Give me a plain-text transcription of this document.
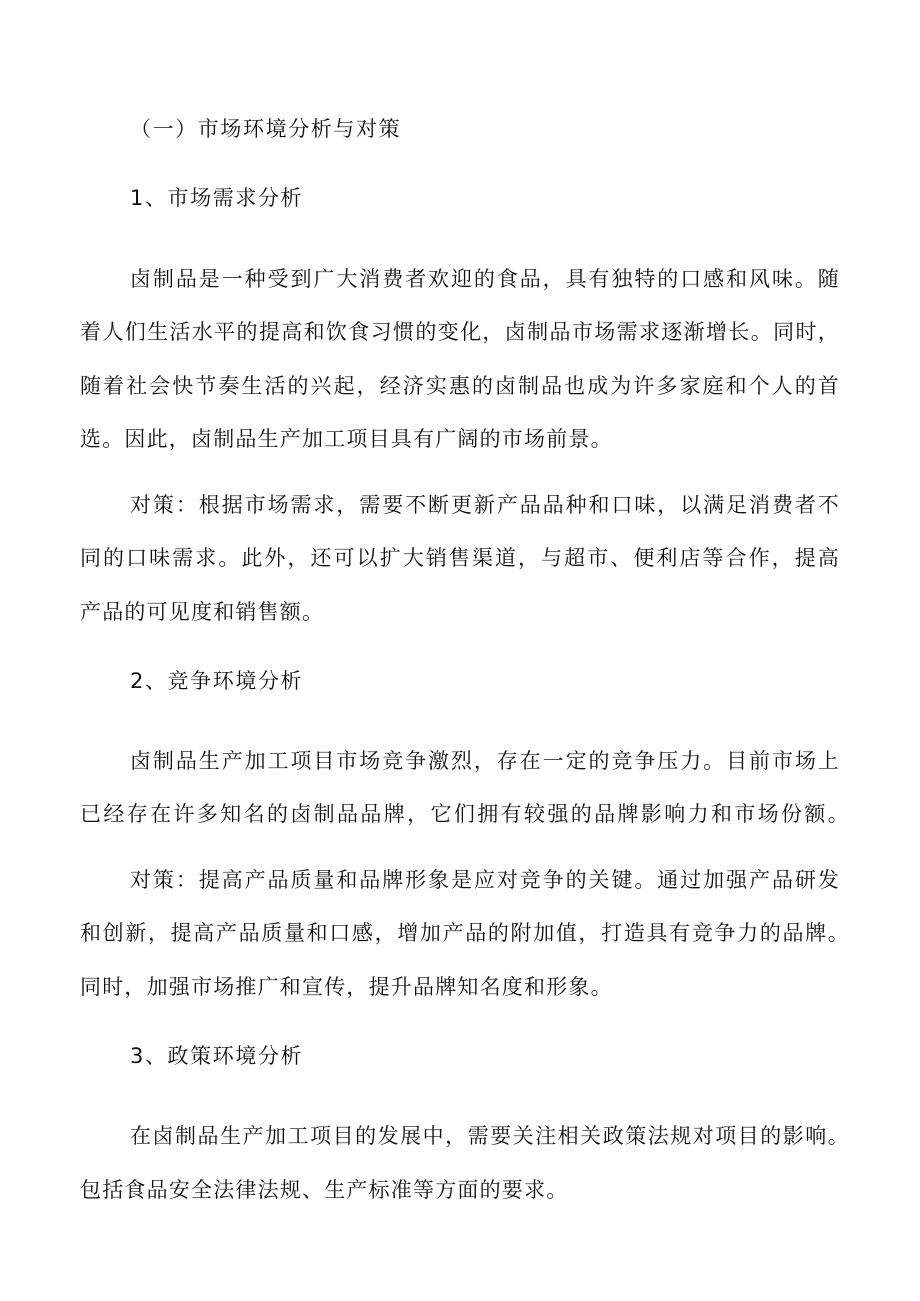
（一）市场环境分析与对策
1、市场需求分析
卤制品是一种受到广大消费者欢迎的食品，具有独特的口感和风味。随
着人们生活水平的提高和饮食习惯的变化，卤制品市场需求逐渐增长。同时，
随着社会快节奏生活的兴起，经济实惠的卤制品也成为许多家庭和个人的首
选。因此，卤制品生产加工项目具有广阔的市场前景。
对策：根据市场需求，需要不断更新产品品种和口味，以满足消费者不
同的口味需求。此外，还可以扩大销售渠道，与超市、便利店等合作，提高
产品的可见度和销售额。
2、竞争环境分析
卤制品生产加工项目市场竞争激烈，存在一定的竞争压力。目前市场上
已经存在许多知名的卤制品品牌，它们拥有较强的品牌影响力和市场份额。
对策：提高产品质量和品牌形象是应对竞争的关键。通过加强产品研发
和创新，提高产品质量和口感，增加产品的附加值，打造具有竞争力的品牌。
同时，加强市场推广和宣传，提升品牌知名度和形象。
3、政策环境分析
在卤制品生产加工项目的发展中，需要关注相关政策法规对项目的影响。
包括食品安全法律法规、生产标准等方面的要求。
